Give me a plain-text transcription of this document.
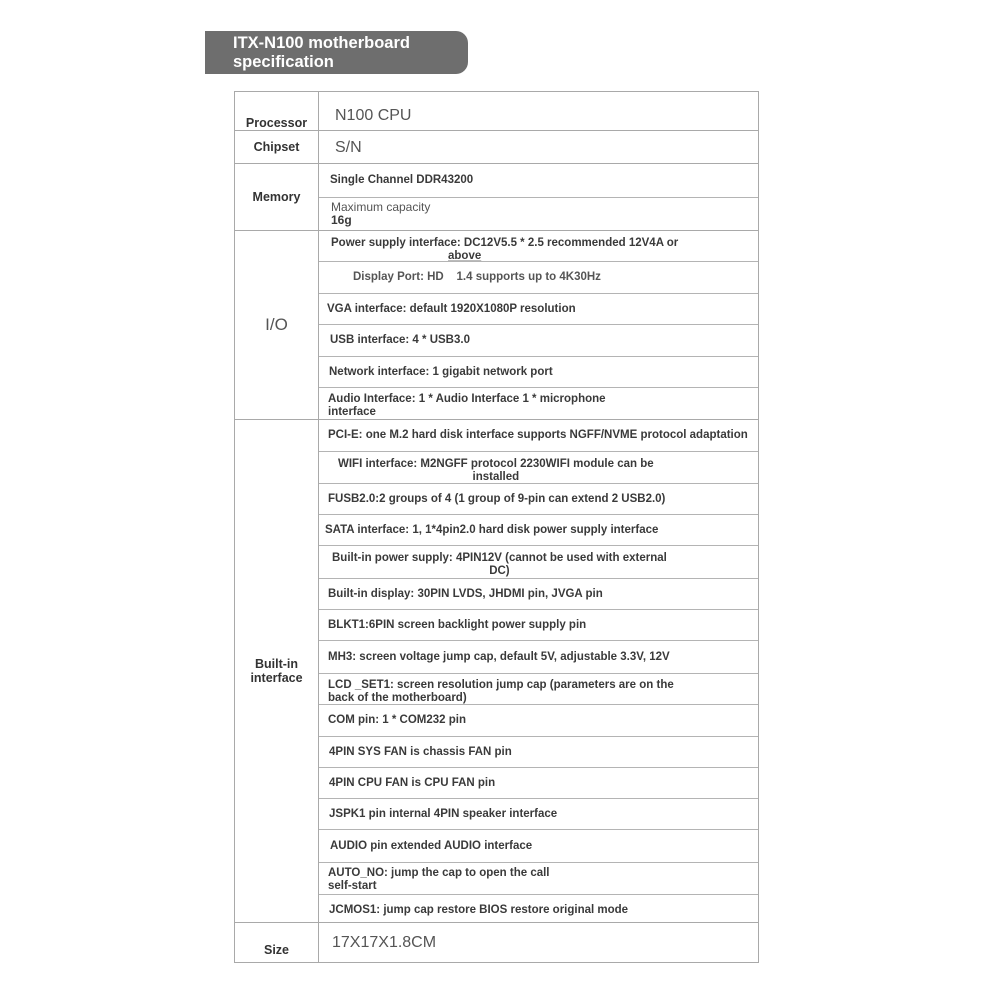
ITX-N100 motherboard
specification
Processor
Chipset
Memory
I/O
Built-in
interface
Size
N100 CPU
S/N
Single Channel DDR43200
Maximum capacity
16g
Power supply interface: DC12V5.5 * 2.5 recommended 12V4A or
above
Display Port: HD    1.4 supports up to 4K30Hz
VGA interface: default 1920X1080P resolution
USB interface: 4 * USB3.0
Network interface: 1 gigabit network port
Audio Interface: 1 * Audio Interface 1 * microphone
interface
PCI-E: one M.2 hard disk interface supports NGFF/NVME protocol adaptation
WIFI interface: M2NGFF protocol 2230WIFI module can be
installed
FUSB2.0:2 groups of 4 (1 group of 9-pin can extend 2 USB2.0)
SATA interface: 1, 1*4pin2.0 hard disk power supply interface
Built-in power supply: 4PIN12V (cannot be used with external
DC)
Built-in display: 30PIN LVDS, JHDMI pin, JVGA pin
BLKT1:6PIN screen backlight power supply pin
MH3: screen voltage jump cap, default 5V, adjustable 3.3V, 12V
LCD _SET1: screen resolution jump cap (parameters are on the
back of the motherboard)
COM pin: 1 * COM232 pin
4PIN SYS FAN is chassis FAN pin
4PIN CPU FAN is CPU FAN pin
JSPK1 pin internal 4PIN speaker interface
AUDIO pin extended AUDIO interface
AUTO_NO: jump the cap to open the call
self-start
JCMOS1: jump cap restore BIOS restore original mode
17X17X1.8CM
